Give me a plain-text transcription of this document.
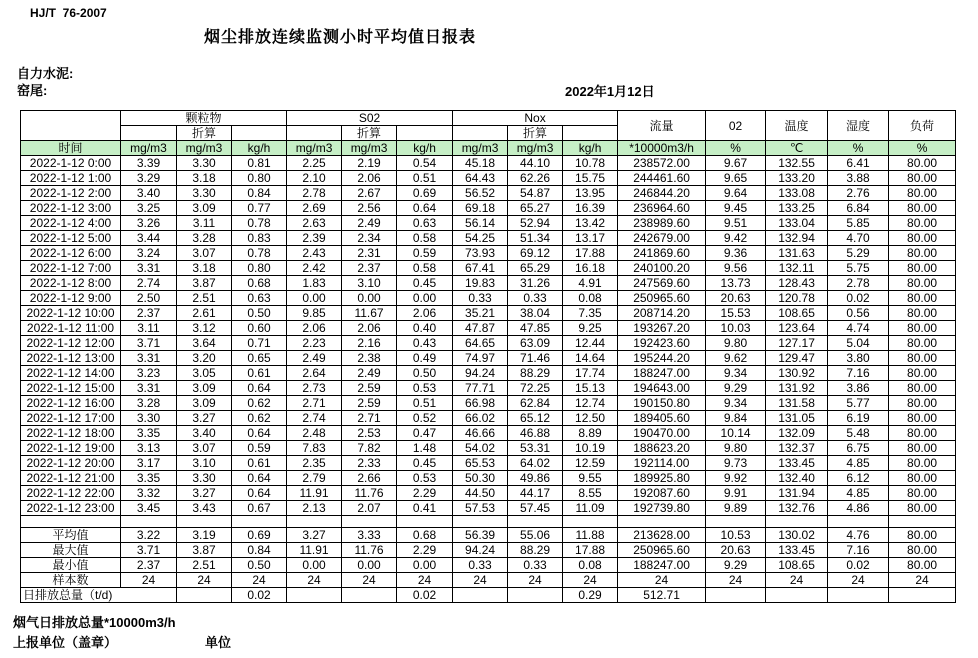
HJ/T  76-2007
烟尘排放连续监测小时平均值日报表
自力水泥:
窑尾:	2022年1月12日
	颗粒物			S02			Nox			流量	02	温度	湿度	负荷
		折算			折算			折算						
时间	mg/m3	mg/m3	kg/h	mg/m3	mg/m3	kg/h	mg/m3	mg/m3	kg/h	*10000m3/h	%	℃	%	%
2022-1-12 0:00	3.39	3.30	0.81	2.25	2.19	0.54	45.18	44.10	10.78	238572.00	9.67	132.55	6.41	80.00
2022-1-12 1:00	3.29	3.18	0.80	2.10	2.06	0.51	64.43	62.26	15.75	244461.60	9.65	133.20	3.88	80.00
2022-1-12 2:00	3.40	3.30	0.84	2.78	2.67	0.69	56.52	54.87	13.95	246844.20	9.64	133.08	2.76	80.00
2022-1-12 3:00	3.25	3.09	0.77	2.69	2.56	0.64	69.18	65.27	16.39	236964.60	9.45	133.25	6.84	80.00
2022-1-12 4:00	3.26	3.11	0.78	2.63	2.49	0.63	56.14	52.94	13.42	238989.60	9.51	133.04	5.85	80.00
2022-1-12 5:00	3.44	3.28	0.83	2.39	2.34	0.58	54.25	51.34	13.17	242679.00	9.42	132.94	4.70	80.00
2022-1-12 6:00	3.24	3.07	0.78	2.43	2.31	0.59	73.93	69.12	17.88	241869.60	9.36	131.63	5.29	80.00
2022-1-12 7:00	3.31	3.18	0.80	2.42	2.37	0.58	67.41	65.29	16.18	240100.20	9.56	132.11	5.75	80.00
2022-1-12 8:00	2.74	3.87	0.68	1.83	3.10	0.45	19.83	31.26	4.91	247569.60	13.73	128.43	2.78	80.00
2022-1-12 9:00	2.50	2.51	0.63	0.00	0.00	0.00	0.33	0.33	0.08	250965.60	20.63	120.78	0.02	80.00
2022-1-12 10:00	2.37	2.61	0.50	9.85	11.67	2.06	35.21	38.04	7.35	208714.20	15.53	108.65	0.56	80.00
2022-1-12 11:00	3.11	3.12	0.60	2.06	2.06	0.40	47.87	47.85	9.25	193267.20	10.03	123.64	4.74	80.00
2022-1-12 12:00	3.71	3.64	0.71	2.23	2.16	0.43	64.65	63.09	12.44	192423.60	9.80	127.17	5.04	80.00
2022-1-12 13:00	3.31	3.20	0.65	2.49	2.38	0.49	74.97	71.46	14.64	195244.20	9.62	129.47	3.80	80.00
2022-1-12 14:00	3.23	3.05	0.61	2.64	2.49	0.50	94.24	88.29	17.74	188247.00	9.34	130.92	7.16	80.00
2022-1-12 15:00	3.31	3.09	0.64	2.73	2.59	0.53	77.71	72.25	15.13	194643.00	9.29	131.92	3.86	80.00
2022-1-12 16:00	3.28	3.09	0.62	2.71	2.59	0.51	66.98	62.84	12.74	190150.80	9.34	131.58	5.77	80.00
2022-1-12 17:00	3.30	3.27	0.62	2.74	2.71	0.52	66.02	65.12	12.50	189405.60	9.84	131.05	6.19	80.00
2022-1-12 18:00	3.35	3.40	0.64	2.48	2.53	0.47	46.66	46.88	8.89	190470.00	10.14	132.09	5.48	80.00
2022-1-12 19:00	3.13	3.07	0.59	7.83	7.82	1.48	54.02	53.31	10.19	188623.20	9.80	132.37	6.75	80.00
2022-1-12 20:00	3.17	3.10	0.61	2.35	2.33	0.45	65.53	64.02	12.59	192114.00	9.73	133.45	4.85	80.00
2022-1-12 21:00	3.35	3.30	0.64	2.79	2.66	0.53	50.30	49.86	9.55	189925.80	9.92	132.40	6.12	80.00
2022-1-12 22:00	3.32	3.27	0.64	11.91	11.76	2.29	44.50	44.17	8.55	192087.60	9.91	131.94	4.85	80.00
2022-1-12 23:00	3.45	3.43	0.67	2.13	2.07	0.41	57.53	57.45	11.09	192739.80	9.89	132.76	4.86	80.00

平均值	3.22	3.19	0.69	3.27	3.33	0.68	56.39	55.06	11.88	213628.00	10.53	130.02	4.76	80.00
最大值	3.71	3.87	0.84	11.91	11.76	2.29	94.24	88.29	17.88	250965.60	20.63	133.45	7.16	80.00
最小值	2.37	2.51	0.50	0.00	0.00	0.00	0.33	0.33	0.08	188247.00	9.29	108.65	0.02	80.00
样本数	24	24	24	24	24	24	24	24	24	24	24	24	24	24
日排放总量（t/d)			0.02			0.02			0.29	512.71				
烟气日排放总量*10000m3/h
上报单位（盖章）	单位
